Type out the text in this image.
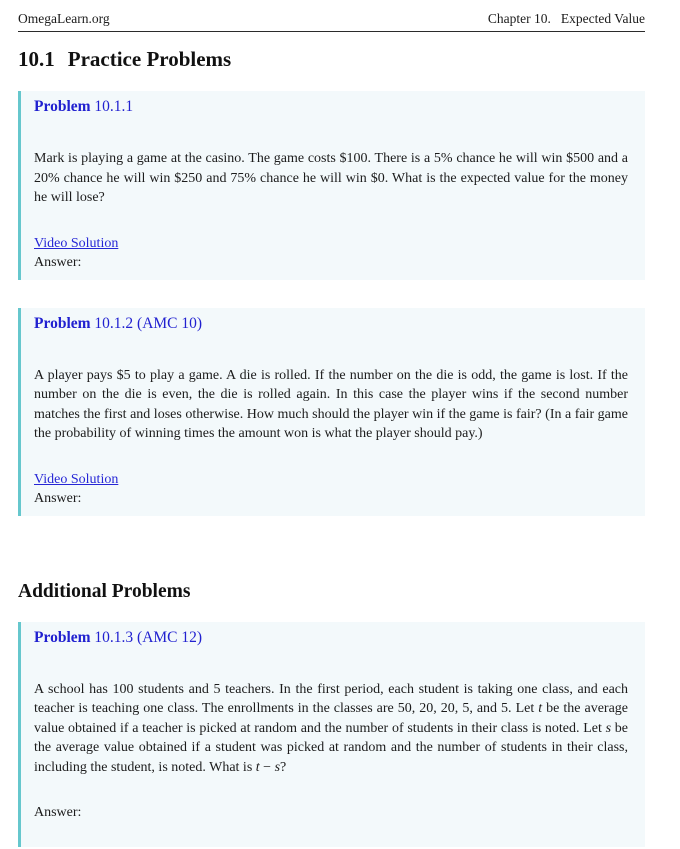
OmegaLearn.org	Chapter 10. Expected Value
10.1 Practice Problems
Problem 10.1.1

Mark is playing a game at the casino. The game costs $100. There is a 5% chance he will win $500 and a 20% chance he will win $250 and 75% chance he will win $0. What is the expected value for the money he will lose?

Video Solution
Answer:
Problem 10.1.2 (AMC 10)

A player pays $5 to play a game. A die is rolled. If the number on the die is odd, the game is lost. If the number on the die is even, the die is rolled again. In this case the player wins if the second number matches the first and loses otherwise. How much should the player win if the game is fair? (In a fair game the probability of winning times the amount won is what the player should pay.)

Video Solution
Answer:
Additional Problems
Problem 10.1.3 (AMC 12)

A school has 100 students and 5 teachers. In the first period, each student is taking one class, and each teacher is teaching one class. The enrollments in the classes are 50, 20, 20, 5, and 5. Let t be the average value obtained if a teacher is picked at random and the number of students in their class is noted. Let s be the average value obtained if a student was picked at random and the number of students in their class, including the student, is noted. What is t − s?

Answer:
